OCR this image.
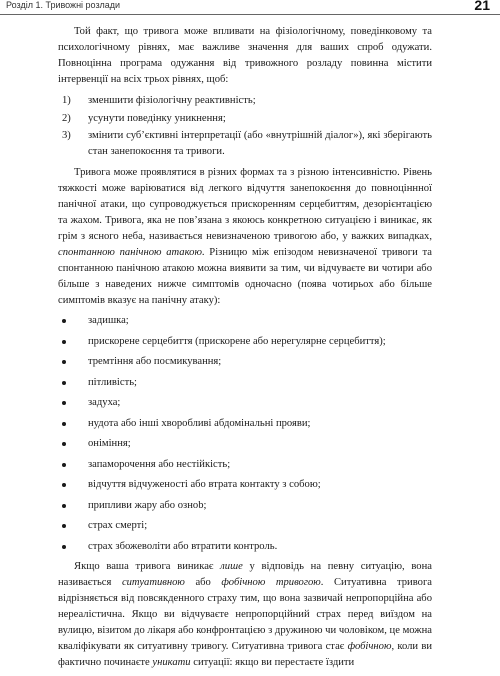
Розділ 1. Тривожні розлади	21

Той факт, що тривога може впливати на фізіологічному, поведінковому та психологічному рівнях, має важливе значення для ваших спроб одужати. Повноцінна програма одужання від тривожного розладу повинна містити інтервенції на всіх трьох рівнях, щоб:

1) зменшити фізіологічну реактивність;
2) усунути поведінку уникнення;
3) змінити суб’єктивні інтерпретації (або «внутрішній діалог»), які зберігають стан занепокоєння та тривоги.

Тривога може проявлятися в різних формах та з різною інтенсивністю. Рівень тяжкості може варіюватися від легкого відчуття занепокоєння до повноціннної панічної атаки, що супроводжується прискоренням серцебиттям, дезорієнтацією та жахом. Тривога, яка не пов’язана з якоюсь конкретною ситуацією і виникає, як грім з ясного неба, називається невизначеною тривогою або, у важких випадках, спонтанною панічною атакою. Різницю між епізодом невизначеної тривоги та спонтанною панічною атакою можна виявити за тим, чи відчуваєте ви чотири або більше з наведених нижче симптомів одночасно (поява чотирьох або більше симптомів вказує на панічну атаку):

задишка;
прискорене серцебиття (прискорене або нерегулярне серцебиття);
тремтіння або посмикування;
пітливість;
задуха;
нудота або інші хворобливі абдомінальні прояви;
оніміння;
запаморочення або нестійкість;
відчуття відчуженості або втрата контакту з собою;
припливи жару або ознob;
страх смерті;
страх збожеволіти або втратити контроль.

Якщо ваша тривога виникає лише у відповідь на певну ситуацію, вона називається ситуативною або фобічною тривогою. Ситуативна тривога відрізняється від повсякденного страху тим, що вона зазвичай непропорційна або нереалістична. Якщо ви відчуваєте непропорційний страх перед виїздом на вулицю, візитом до лікаря або конфронтацією з дружиною чи чоловіком, це можна кваліфікувати як ситуативну тривогу. Ситуативна тривога стає фобічною, коли ви фактично починаєте уникати ситуації: якщо ви перестаєте їздити
